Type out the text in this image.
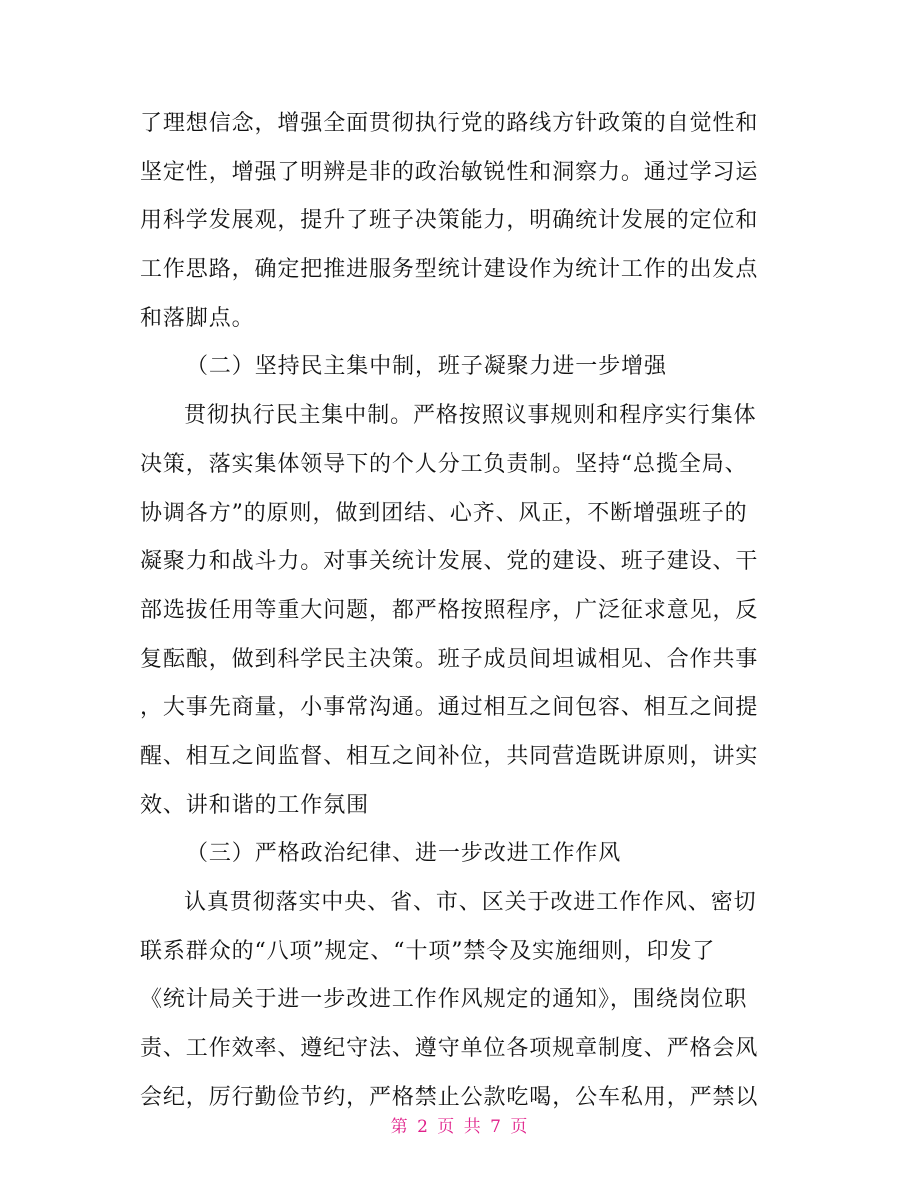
了理想信念，增强全面贯彻执行党的路线方针政策的自觉性和
坚定性，增强了明辨是非的政治敏锐性和洞察力。通过学习运
用科学发展观，提升了班子决策能力，明确统计发展的定位和
工作思路，确定把推进服务型统计建设作为统计工作的出发点
和落脚点。
（二）坚持民主集中制，班子凝聚力进一步增强
贯彻执行民主集中制。严格按照议事规则和程序实行集体
决策，落实集体领导下的个人分工负责制。坚持“总揽全局、
协调各方”的原则，做到团结、心齐、风正，不断增强班子的
凝聚力和战斗力。对事关统计发展、党的建设、班子建设、干
部选拔任用等重大问题，都严格按照程序，广泛征求意见，反
复酝酿，做到科学民主决策。班子成员间坦诚相见、合作共事
，大事先商量，小事常沟通。通过相互之间包容、相互之间提
醒、相互之间监督、相互之间补位，共同营造既讲原则，讲实
效、讲和谐的工作氛围
（三）严格政治纪律、进一步改进工作作风
认真贯彻落实中央、省、市、区关于改进工作作风、密切
联系群众的“八项”规定、“十项”禁令及实施细则，印发了
《统计局关于进一步改进工作作风规定的通知》，围绕岗位职
责、工作效率、遵纪守法、遵守单位各项规章制度、严格会风
会纪，厉行勤俭节约，严格禁止公款吃喝，公车私用，严禁以
第 2 页 共 7 页
